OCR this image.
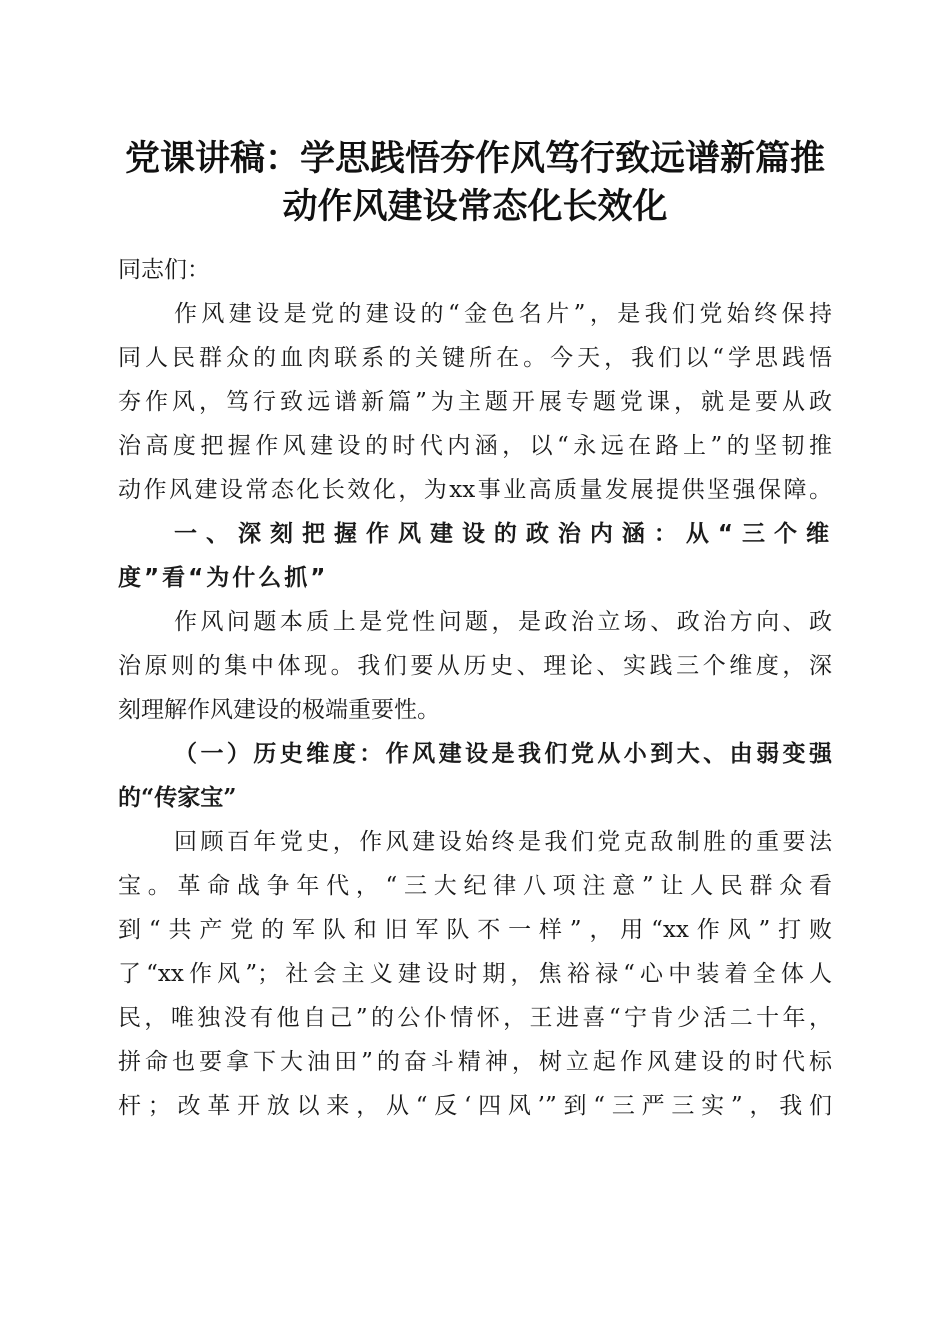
党课讲稿：学思践悟夯作风笃行致远谱新篇推
动作风建设常态化长效化
同志们：
作风建设是党的建设的“金色名片”，是我们党始终保持
同人民群众的血肉联系的关键所在。今天，我们以“学思践悟
夯作风，笃行致远谱新篇”为主题开展专题党课，就是要从政
治高度把握作风建设的时代内涵，以“永远在路上”的坚韧推
动作风建设常态化长效化，为xx事业高质量发展提供坚强保障。
一、深刻把握作风建设的政治内涵：从“三个维
度”看“为什么抓”
作风问题本质上是党性问题，是政治立场、政治方向、政
治原则的集中体现。我们要从历史、理论、实践三个维度，深
刻理解作风建设的极端重要性。
（一）历史维度：作风建设是我们党从小到大、由弱变强
的“传家宝”
回顾百年党史，作风建设始终是我们党克敌制胜的重要法
宝。革命战争年代，“三大纪律八项注意”让人民群众看
到“共产党的军队和旧军队不一样”，用“xx作风”打败
了“xx作风”；社会主义建设时期，焦裕禄“心中装着全体人
民，唯独没有他自己”的公仆情怀，王进喜“宁肯少活二十年，
拼命也要拿下大油田”的奋斗精神，树立起作风建设的时代标
杆；改革开放以来，从“反‘四风’”到“三严三实”，我们
